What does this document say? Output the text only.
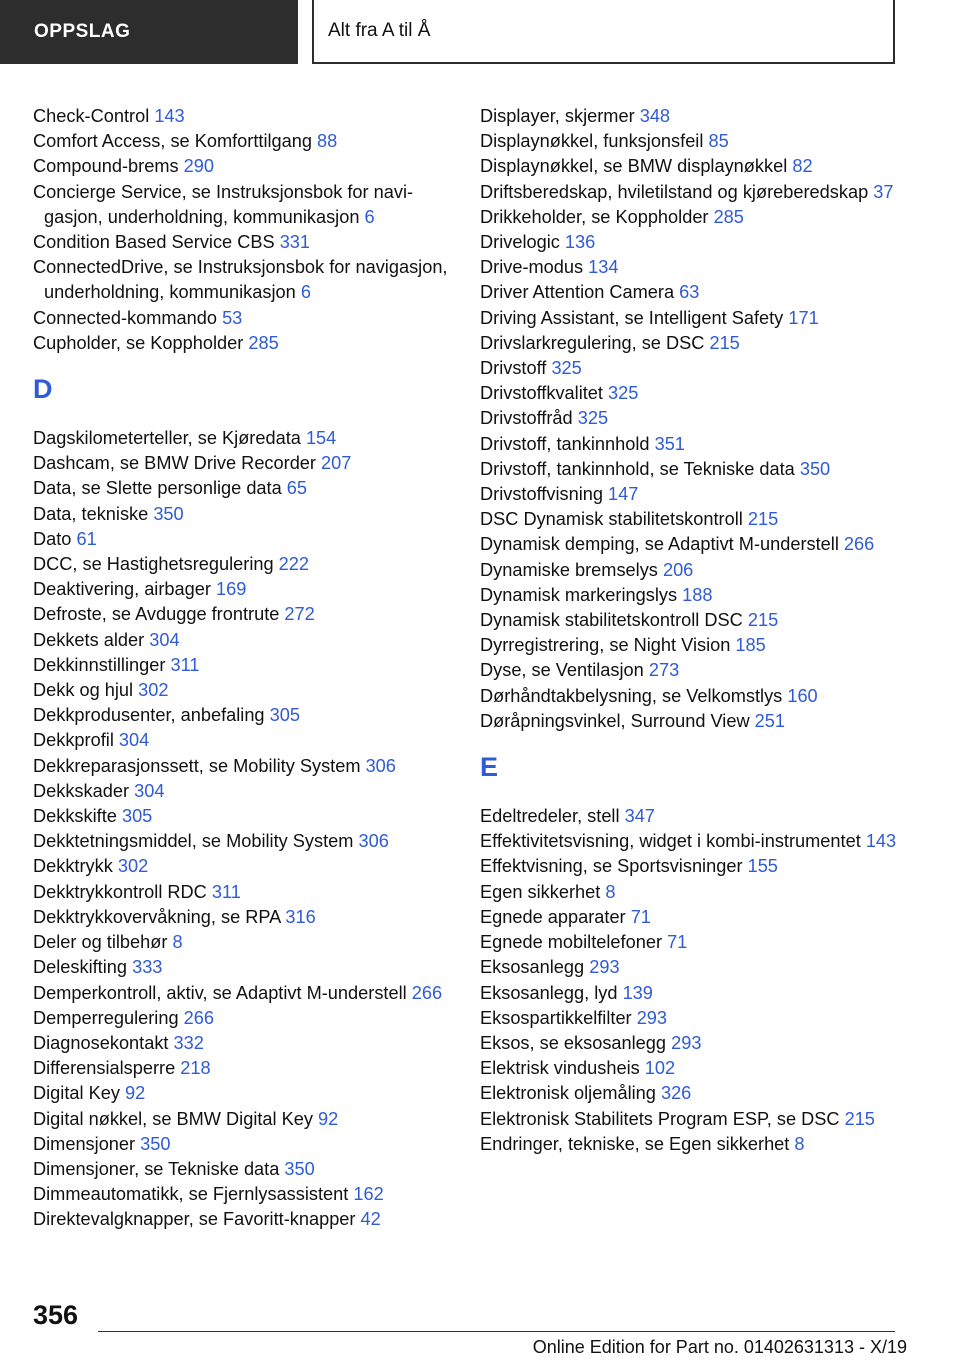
OPPSLAG	Alt fra A til Å
Check-Control 143
Comfort Access, se Komforttilgang 88
Compound-brems 290
Concierge Service, se Instruksjonsbok for navigasjon, underholdning, kommunikasjon 6
Condition Based Service CBS 331
ConnectedDrive, se Instruksjonsbok for navigasjon, underholdning, kommunikasjon 6
Connected-kommando 53
Cupholder, se Koppholder 285
D
Dagskilometerteller, se Kjøredata 154
Dashcam, se BMW Drive Recorder 207
Data, se Slette personlige data 65
Data, tekniske 350
Dato 61
DCC, se Hastighetsregulering 222
Deaktivering, airbager 169
Defroste, se Avdugge frontrute 272
Dekkets alder 304
Dekkinnstillinger 311
Dekk og hjul 302
Dekkprodusenter, anbefaling 305
Dekkprofil 304
Dekkreparasjonssett, se Mobility System 306
Dekkskader 304
Dekkskifte 305
Dekktetningsmiddel, se Mobility System 306
Dekktrykk 302
Dekktrykkontroll RDC 311
Dekktrykkovervåkning, se RPA 316
Deler og tilbehør 8
Deleskifting 333
Demperkontroll, aktiv, se Adaptivt M-understell 266
Demperregulering 266
Diagnosekontakt 332
Differensialsperre 218
Digital Key 92
Digital nøkkel, se BMW Digital Key 92
Dimensjoner 350
Dimensjoner, se Tekniske data 350
Dimmeautomatikk, se Fjernlysassistent 162
Direktevalgknapper, se Favoritt-knapper 42
Displayer, skjermer 348
Displaynøkkel, funksjonsfeil 85
Displaynøkkel, se BMW displaynøkkel 82
Driftsberedskap, hviletilstand og kjøreberedskap 37
Drikkeholder, se Koppholder 285
Drivelogic 136
Drive-modus 134
Driver Attention Camera 63
Driving Assistant, se Intelligent Safety 171
Drivslarkregulering, se DSC 215
Drivstoff 325
Drivstoffkvalitet 325
Drivstoffråd 325
Drivstoff, tankinnhold 351
Drivstoff, tankinnhold, se Tekniske data 350
Drivstoffvisning 147
DSC Dynamisk stabilitetskontroll 215
Dynamisk demping, se Adaptivt M-understell 266
Dynamiske bremselys 206
Dynamisk markeringslys 188
Dynamisk stabilitetskontroll DSC 215
Dyrregistrering, se Night Vision 185
Dyse, se Ventilasjon 273
Dørhåndtakbelysning, se Velkomstlys 160
Døråpningsvinkel, Surround View 251
E
Edeltredeler, stell 347
Effektivitetsvisning, widget i kombi-instrumentet 143
Effektvisning, se Sportsvisninger 155
Egen sikkerhet 8
Egnede apparater 71
Egnede mobiltelefoner 71
Eksosanlegg 293
Eksosanlegg, lyd 139
Eksospartikkelfilter 293
Eksos, se eksosanlegg 293
Elektrisk vindusheis 102
Elektronisk oljemåling 326
Elektronisk Stabilitets Program ESP, se DSC 215
Endringer, tekniske, se Egen sikkerhet 8
356
Online Edition for Part no. 01402631313 - X/19
